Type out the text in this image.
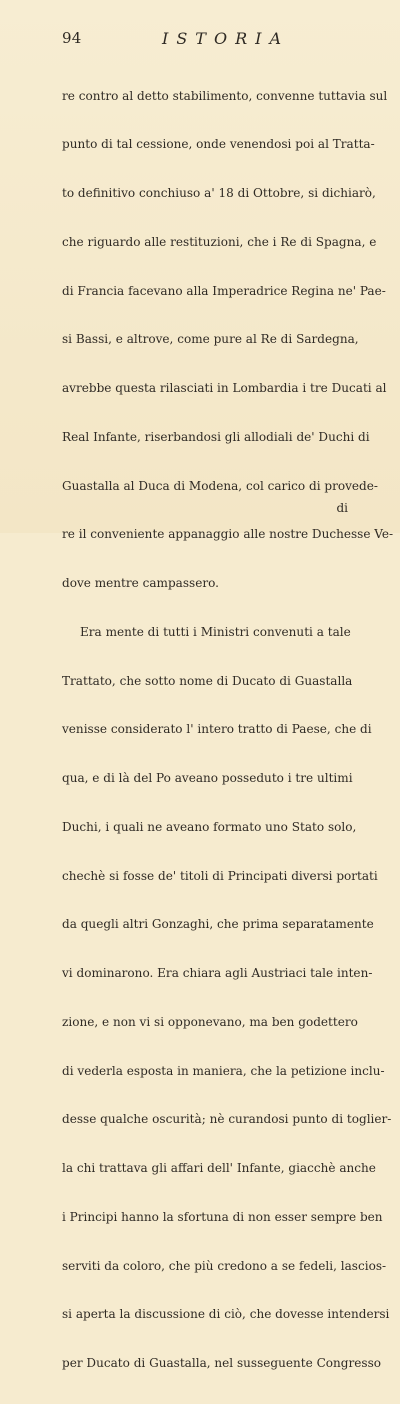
94	ISTORIA

re contro al detto stabilimento, convenne tuttavia sul

punto di tal cessione, onde venendosi poi al Tratta-

to definitivo conchiuso a' 18 di Ottobre, si dichiarò,

che riguardo alle restituzioni, che i Re di Spagna, e

di Francia facevano alla Imperadrice Regina ne' Pae-

si Bassi, e altrove, come pure al Re di Sardegna,

avrebbe questa rilasciati in Lombardia i tre Ducati al

Real Infante, riserbandosi gli allodiali de' Duchi di

Guastalla al Duca di Modena, col carico di provede-

re il conveniente appanaggio alle nostre Duchesse Ve-

dove mentre campassero.

Era mente di tutti i Ministri convenuti a tale

Trattato, che sotto nome di Ducato di Guastalla

venisse considerato l' intero tratto di Paese, che di

qua, e di là del Po aveano posseduto i tre ultimi

Duchi, i quali ne aveano formato uno Stato solo,

chechè si fosse de' titoli di Principati diversi portati

da quegli altri Gonzaghi, che prima separatamente

vi dominarono. Era chiara agli Austriaci tale inten-

zione, e non vi si opponevano, ma ben godettero

di vederla esposta in maniera, che la petizione inclu-

desse qualche oscurità; nè curandosi punto di toglier-

la chi trattava gli affari dell' Infante, giacchè anche

i Principi hanno la sfortuna di non esser sempre ben

serviti da coloro, che più credono a se fedeli, lascios-

si aperta la discussione di ciò, che dovesse intendersi

per Ducato di Guastalla, nel susseguente Congresso

di
